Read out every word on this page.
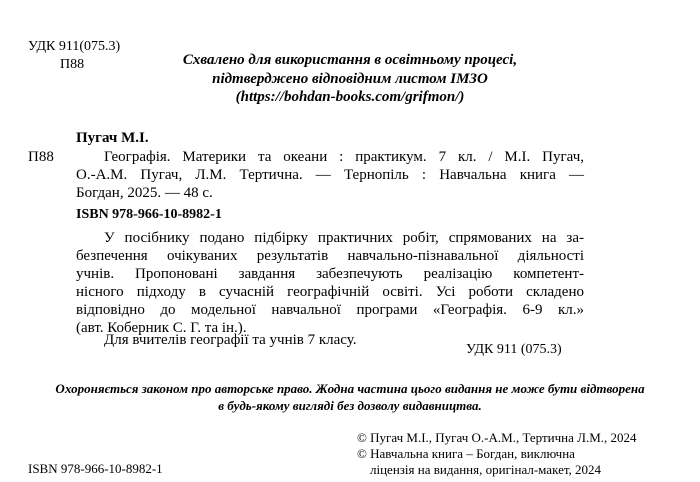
УДК 911(075.3)
П88	Схвалено для використання в освітньому процесі,
підтверджено відповідним листом ІМЗО
(https://bohdan-books.com/grifmon/)
Пугач М.І.
П88	Географія. Материки та океани : практикум. 7 кл. / М.І. Пугач,
О.-А.М. Пугач, Л.М. Тертична. — Тернопіль : Навчальна книга —
Богдан, 2025. — 48 с.
ISBN 978-966-10-8982-1
У посібнику подано підбірку практичних робіт, спрямованих на за-
безпечення очікуваних результатів навчально-пізнавальної діяльності
учнів. Пропоновані завдання забезпечують реалізацію компетент-
нісного підходу в сучасній географічній освіті. Усі роботи складено
відповідно до модельної навчальної програми «Географія. 6-9 кл.»
(авт. Коберник С. Г. та ін.).
Для вчителів географії та учнів 7 класу.
УДК 911 (075.3)
Охороняється законом про авторське право. Жодна частина цього видання не може бути відтворена
в будь-якому вигляді без дозволу видавництва.
ISBN 978-966-10-8982-1
© Пугач М.І., Пугач О.-А.М., Тертична Л.М., 2024
© Навчальна книга – Богдан, виключна
ліцензія на видання, оригінал-макет, 2024
